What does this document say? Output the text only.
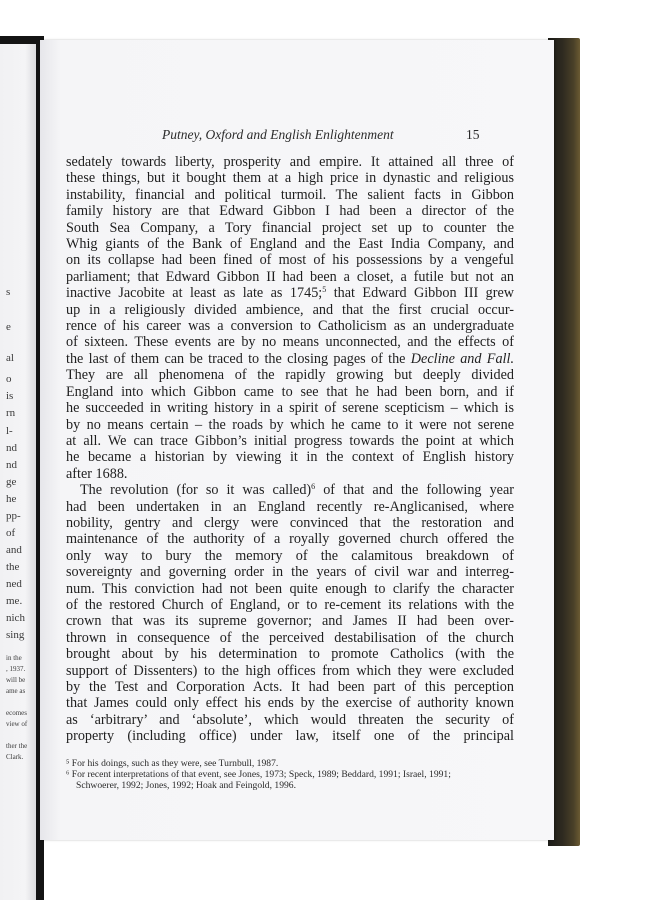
s
e
al
o
is
rn
l-
nd
nd
ge
he
pp-
of
and
the
ned
me.
nich
sing
in the
, 1937.
will be
ame as
ecomes
view of
ther the
Clark.
Putney, Oxford and English Enlightenment	15
sedately towards liberty, prosperity and empire. It attained all three of
these things, but it bought them at a high price in dynastic and religious
instability, financial and political turmoil. The salient facts in Gibbon
family history are that Edward Gibbon I had been a director of the
South Sea Company, a Tory financial project set up to counter the
Whig giants of the Bank of England and the East India Company, and
on its collapse had been fined of most of his possessions by a vengeful
parliament; that Edward Gibbon II had been a closet, a futile but not an
inactive Jacobite at least as late as 1745;$^5$ that Edward Gibbon III grew
up in a religiously divided ambience, and that the first crucial occur-
rence of his career was a conversion to Catholicism as an undergraduate
of sixteen. These events are by no means unconnected, and the effects of
the last of them can be traced to the closing pages of the Decline and Fall.
They are all phenomena of the rapidly growing but deeply divided
England into which Gibbon came to see that he had been born, and if
he succeeded in writing history in a spirit of serene scepticism – which is
by no means certain – the roads by which he came to it were not serene
at all. We can trace Gibbon’s initial progress towards the point at which
he became a historian by viewing it in the context of English history
after 1688.
The revolution (for so it was called)$^6$ of that and the following year
had been undertaken in an England recently re-Anglicanised, where
nobility, gentry and clergy were convinced that the restoration and
maintenance of the authority of a royally governed church offered the
only way to bury the memory of the calamitous breakdown of
sovereignty and governing order in the years of civil war and interreg-
num. This conviction had not been quite enough to clarify the character
of the restored Church of England, or to re-cement its relations with the
crown that was its supreme governor; and James II had been over-
thrown in consequence of the perceived destabilisation of the church
brought about by his determination to promote Catholics (with the
support of Dissenters) to the high offices from which they were excluded
by the Test and Corporation Acts. It had been part of this perception
that James could only effect his ends by the exercise of authority known
as ‘arbitrary’ and ‘absolute’, which would threaten the security of
property (including office) under law, itself one of the principal
⁵ For his doings, such as they were, see Turnbull, 1987.
⁶ For recent interpretations of that event, see Jones, 1973; Speck, 1989; Beddard, 1991; Israel, 1991;
Schwoerer, 1992; Jones, 1992; Hoak and Feingold, 1996.
